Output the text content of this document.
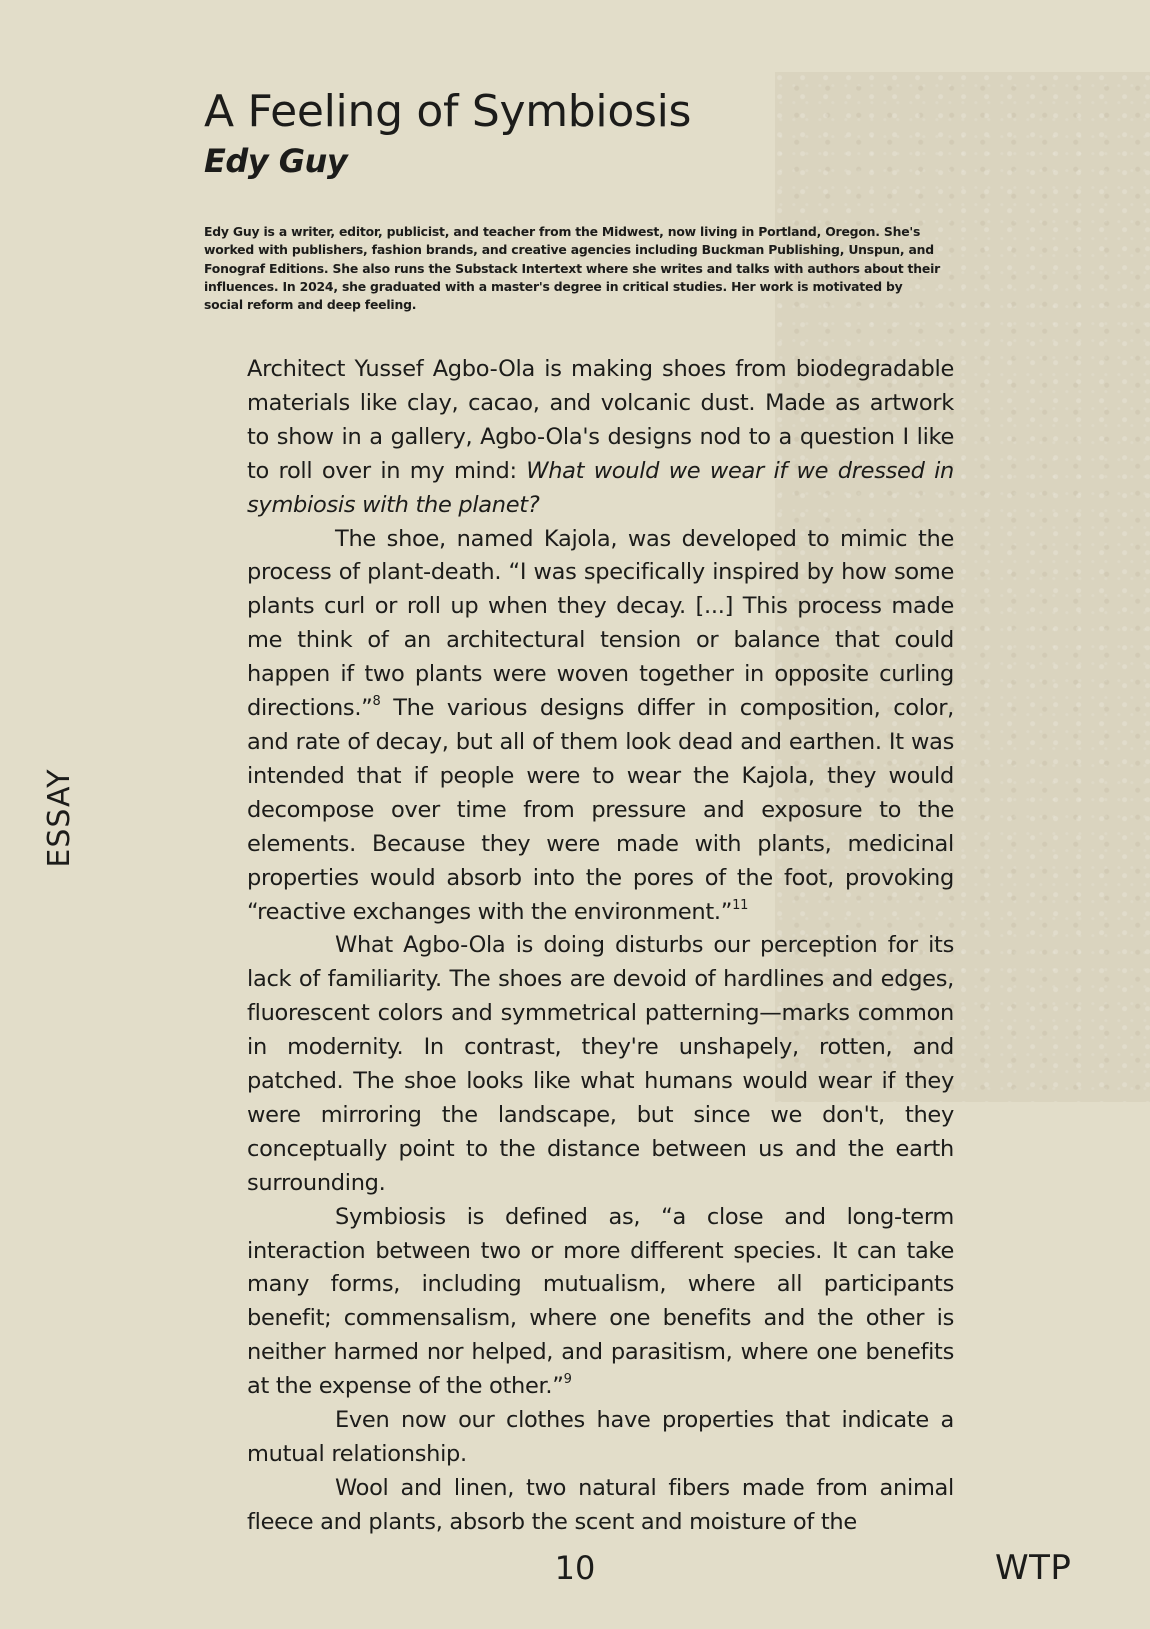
A Feeling of Symbiosis
Edy Guy

Edy Guy is a writer, editor, publicist, and teacher from the Midwest, now living in Portland, Oregon. She's worked with publishers, fashion brands, and creative agencies including Buckman Publishing, Unspun, and Fonograf Editions. She also runs the Substack Intertext where she writes and talks with authors about their influences. In 2024, she graduated with a master's degree in critical studies. Her work is motivated by social reform and deep feeling.

ESSAY

Architect Yussef Agbo-Ola is making shoes from biodegradable materials like clay, cacao, and volcanic dust. Made as artwork to show in a gallery, Agbo-Ola's designs nod to a question I like to roll over in my mind: What would we wear if we dressed in symbiosis with the planet?

The shoe, named Kajola, was developed to mimic the process of plant-death. “I was specifically inspired by how some plants curl or roll up when they decay. [...] This process made me think of an architectural tension or balance that could happen if two plants were woven together in opposite curling directions.”$^8$ The various designs differ in composition, color, and rate of decay, but all of them look dead and earthen. It was intended that if people were to wear the Kajola, they would decompose over time from pressure and exposure to the elements. Because they were made with plants, medicinal properties would absorb into the pores of the foot, provoking “reactive exchanges with the environment.”$^{11}$

What Agbo-Ola is doing disturbs our perception for its lack of familiarity. The shoes are devoid of hardlines and edges, fluorescent colors and symmetrical patterning—marks common in modernity. In contrast, they're unshapely, rotten, and patched. The shoe looks like what humans would wear if they were mirroring the landscape, but since we don't, they conceptually point to the distance between us and the earth surrounding.

Symbiosis is defined as, “a close and long-term interaction between two or more different species. It can take many forms, including mutualism, where all participants benefit; commensalism, where one benefits and the other is neither harmed nor helped, and parasitism, where one benefits at the expense of the other.”$^9$

Even now our clothes have properties that indicate a mutual relationship.

Wool and linen, two natural fibers made from animal fleece and plants, absorb the scent and moisture of the

10	WTP
